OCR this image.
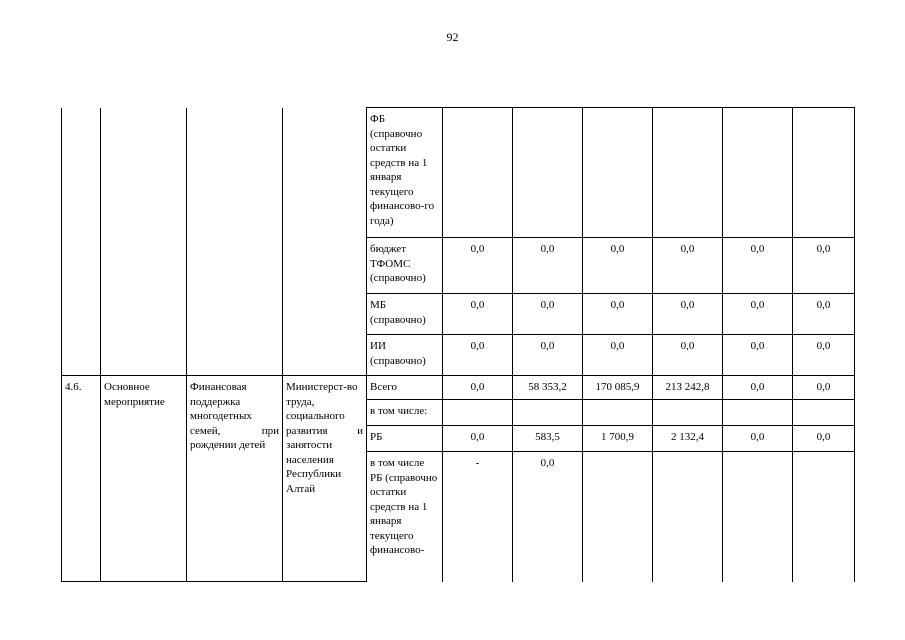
92
				ФБ (справочно остатки средств на 1 января текущего финансово-го года)						
				бюджет ТФОМС (справочно)	0,0	0,0	0,0	0,0	0,0	0,0
				МБ (справочно)	0,0	0,0	0,0	0,0	0,0	0,0
				ИИ (справочно)	0,0	0,0	0,0	0,0	0,0	0,0
4.6.	Основное мероприятие	Финансовая поддержка многодетных семей, при рождении детей	Министерст-во труда, социального развития и занятости населения Республики Алтай	Всего	0,0	58 353,2	170 085,9	213 242,8	0,0	0,0
				в том числе:						
				РБ	0,0	583,5	1 700,9	2 132,4	0,0	0,0
				в том числе РБ (справочно остатки средств на 1 января текущего финансово-	-	0,0				
